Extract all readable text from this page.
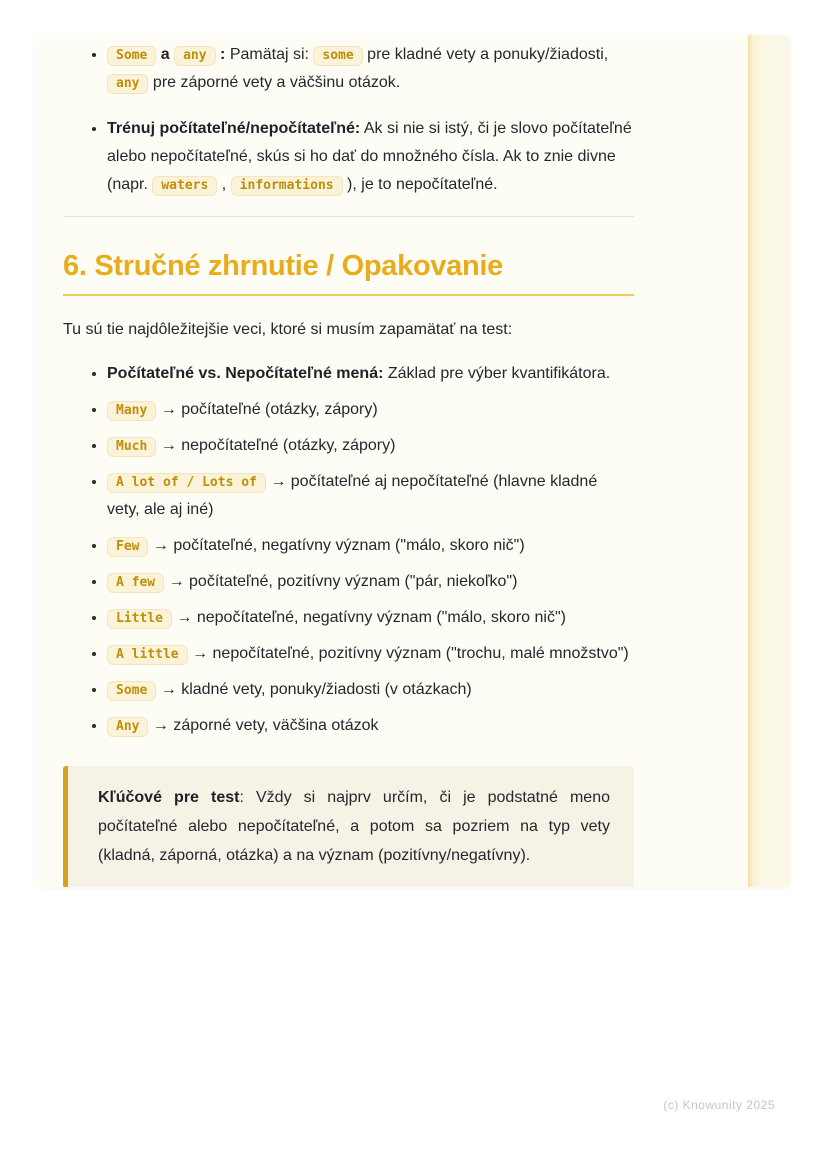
• Some a any : Pamätaj si: some pre kladné vety a ponuky/žiadosti, any pre záporné vety a väčšinu otázok.
• Trénuj počítateľné/nepočítateľné: Ak si nie si istý, či je slovo počítateľné alebo nepočítateľné, skús si ho dať do množného čísla. Ak to znie divne (napr. waters , informations ), je to nepočítateľné.
6. Stručné zhrnutie / Opakovanie

Tu sú tie najdôležitejšie veci, ktoré si musím zapamätať na test:

• Počítateľné vs. Nepočítateľné mená: Základ pre výber kvantifikátora.
• Many → počítateľné (otázky, zápory)
• Much → nepočítateľné (otázky, zápory)
• A lot of / Lots of → počítateľné aj nepočítateľné (hlavne kladné vety, ale aj iné)
• Few → počítateľné, negatívny význam ("málo, skoro nič")
• A few → počítateľné, pozitívny význam ("pár, niekoľko")
• Little → nepočítateľné, negatívny význam ("málo, skoro nič")
• A little → nepočítateľné, pozitívny význam ("trochu, malé množstvo")
• Some → kladné vety, ponuky/žiadosti (v otázkach)
• Any → záporné vety, väčšina otázok
Kľúčové pre test: Vždy si najprv určím, či je podstatné meno počítateľné alebo nepočítateľné, a potom sa pozriem na typ vety (kladná, záporná, otázka) a na význam (pozitívny/negatívny).
(c) Knowunity 2025
